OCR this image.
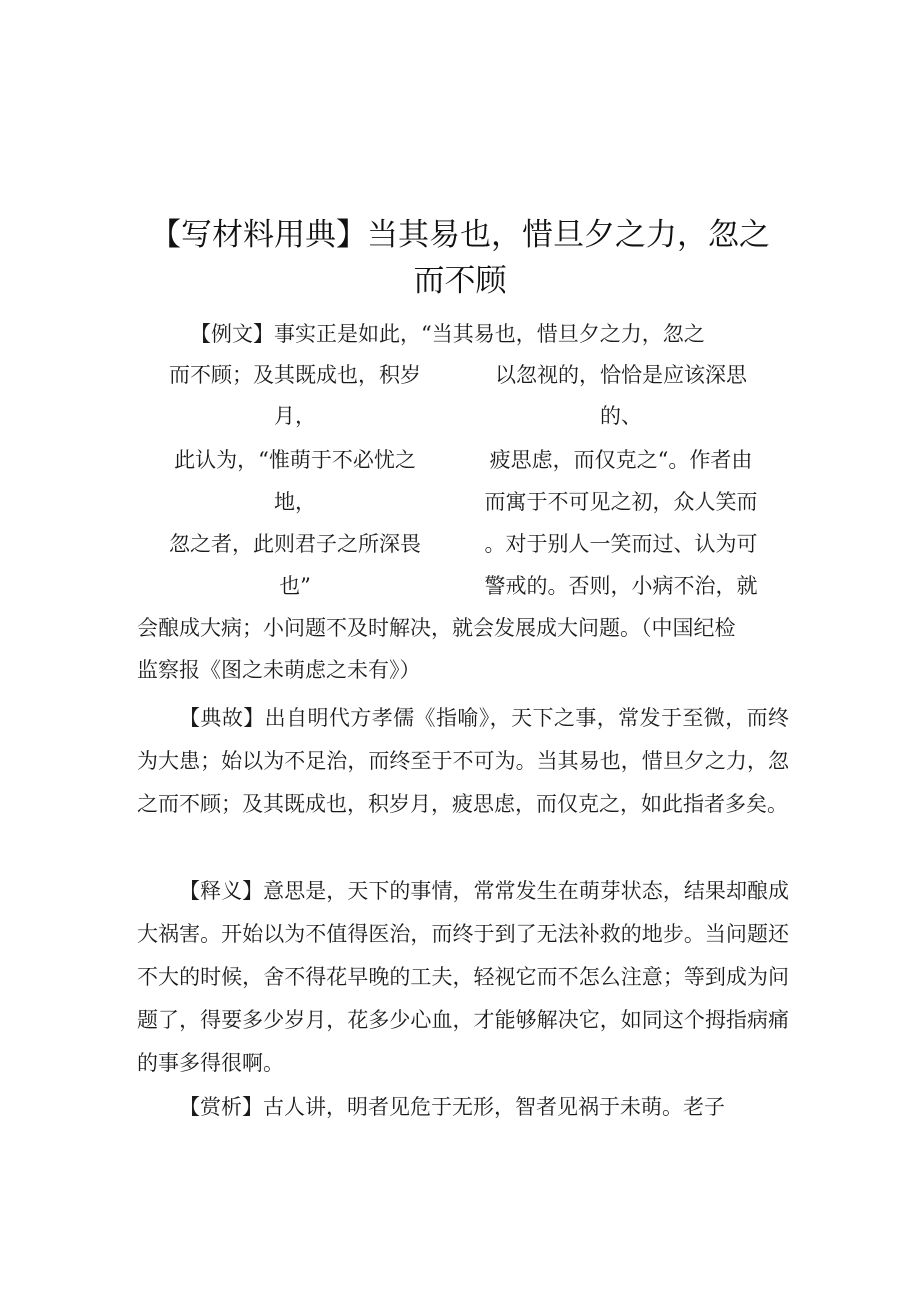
【写材料用典】当其易也，惜旦夕之力，忽之
而不顾
【例文】事实正是如此，“当其易也，惜旦夕之力，忽之
而不顾；及其既成也，积岁
月，
此认为，“惟萌于不必忧之
地，
忽之者，此则君子之所深畏
也”
以忽视的，恰恰是应该深思
的、
疲思虑，而仅克之“。作者由
而寓于不可见之初，众人笑而
。对于别人一笑而过、认为可
警戒的。否则，小病不治，就
会酿成大病；小问题不及时解决，就会发展成大问题。（中国纪检
监察报《图之未萌虑之未有》）

【典故】出自明代方孝儒《指喻》，天下之事，常发于至微，而终为大患；始以为不足治，而终至于不可为。当其易也，惜旦夕之力，忽之而不顾；及其既成也，积岁月，疲思虑，而仅克之，如此指者多矣。

【释义】意思是，天下的事情，常常发生在萌芽状态，结果却酿成大祸害。开始以为不值得医治，而终于到了无法补救的地步。当问题还不大的时候，舍不得花早晚的工夫，轻视它而不怎么注意；等到成为问题了，得要多少岁月，花多少心血，才能够解决它，如同这个拇指病痛的事多得很啊。

【赏析】古人讲，明者见危于无形，智者见祸于未萌。老子
